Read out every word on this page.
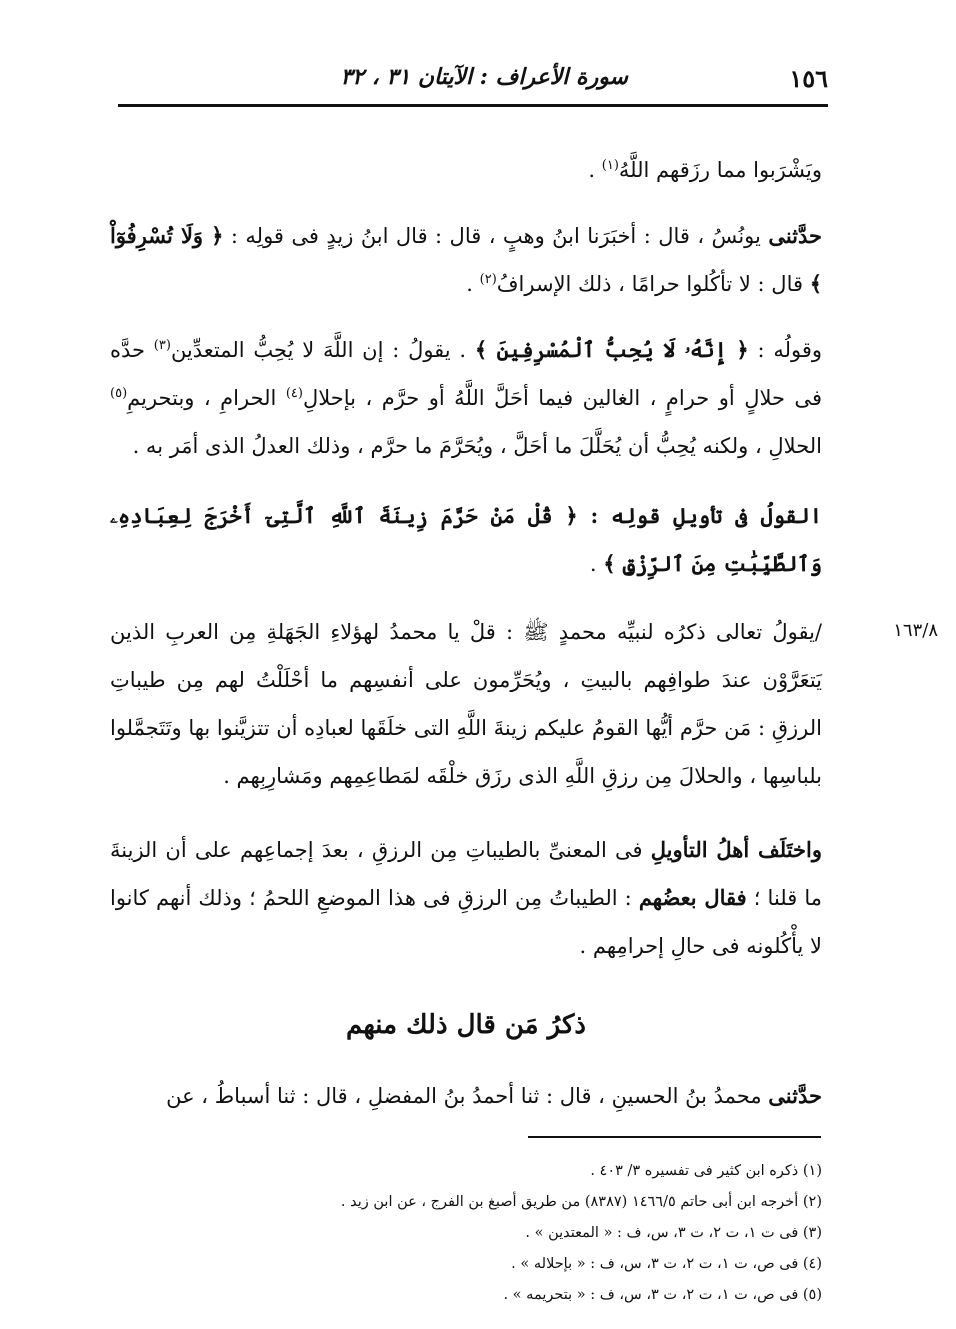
١٥٦
سورة الأعراف : الآيتان ٣١ ، ٣٢

ويَشْرَبوا مما رزَقهم اللَّهُ$^{(١)}$ .

حدَّثنى يونُسُ ، قال : أخبَرَنا ابنُ وهبٍ ، قال : قال ابنُ زيدٍ فى قولِه : ﴿ وَلَا تُسْرِفُوٓاْ ﴾ قال : لا تأكُلوا حرامًا ، ذلك الإسرافُ$^{(٢)}$ .

وقولُه : ﴿ إِنَّهُۥ لَا يُحِبُّ ٱلْمُسْرِفِينَ ﴾ . يقولُ : إن اللَّهَ لا يُحِبُّ المتعدِّين$^{(٣)}$ حدَّه فى حلالٍ أو حرامٍ ، الغالين فيما أحَلَّ اللَّهُ أو حرَّم ، بإحلالِ$^{(٤)}$ الحرامِ ، وبتحريمِ$^{(٥)}$ الحلالِ ، ولكنه يُحِبُّ أن يُحَلَّلَ ما أحَلَّ ، ويُحَرَّمَ ما حرَّم ، وذلك العدلُ الذى أمَر به .

القولُ فى تأويلِ قولِه : ﴿ قُلْ مَنْ حَرَّمَ زِينَةَ ٱللَّهِ ٱلَّتِىٓ أَخْرَجَ لِعِبَادِهِۦ وَٱلطَّيِّبَٰتِ مِنَ ٱلرِّزْقِ ﴾ .

١٦٣/٨

/يقولُ تعالى ذكرُه لنبيِّه محمدٍ ﷺ : قلْ يا محمدُ لهؤلاءِ الجَهَلةِ مِن العربِ الذين يَتعَرَّوْن عندَ طوافِهم بالبيتِ ، ويُحَرِّمون على أنفسِهم ما أحْلَلْتُ لهم مِن طيباتِ الرزقِ : مَن حرَّم أيُّها القومُ عليكم زينةَ اللَّهِ التى خلَقَها لعبادِه أن تتزيَّنوا بها وتَتَجمَّلوا بلباسِها ، والحلالَ مِن رزقِ اللَّهِ الذى رزَق خلْقَه لمَطاعِمِهم ومَشارِبِهم .

واختَلَف أهلُ التأويلِ فى المعنىِّ بالطيباتِ مِن الرزقِ ، بعدَ إجماعِهم على أن الزينةَ ما قلنا ؛ فقال بعضُهم : الطيباتُ مِن الرزقِ فى هذا الموضعِ اللحمُ ؛ وذلك أنهم كانوا لا يأْكُلونه فى حالِ إحرامِهم .

ذكرُ مَن قال ذلك منهم

حدَّثنى محمدُ بنُ الحسينِ ، قال : ثنا أحمدُ بنُ المفضلِ ، قال : ثنا أسباطُ ، عن

(١) ذكره ابن كثير فى تفسيره ٣/ ٤٠٣ .
(٢) أخرجه ابن أبى حاتم ١٤٦٦/٥ (٨٣٨٧) من طريق أصبغ بن الفرج ، عن ابن زيد .
(٣) فى ت ١، ت ٢، ت ٣، س، ف : « المعتدين » .
(٤) فى ص، ت ١، ت ٢، ت ٣، س، ف : « بإحلاله » .
(٥) فى ص، ت ١، ت ٢، ت ٣، س، ف : « بتحريمه » .
